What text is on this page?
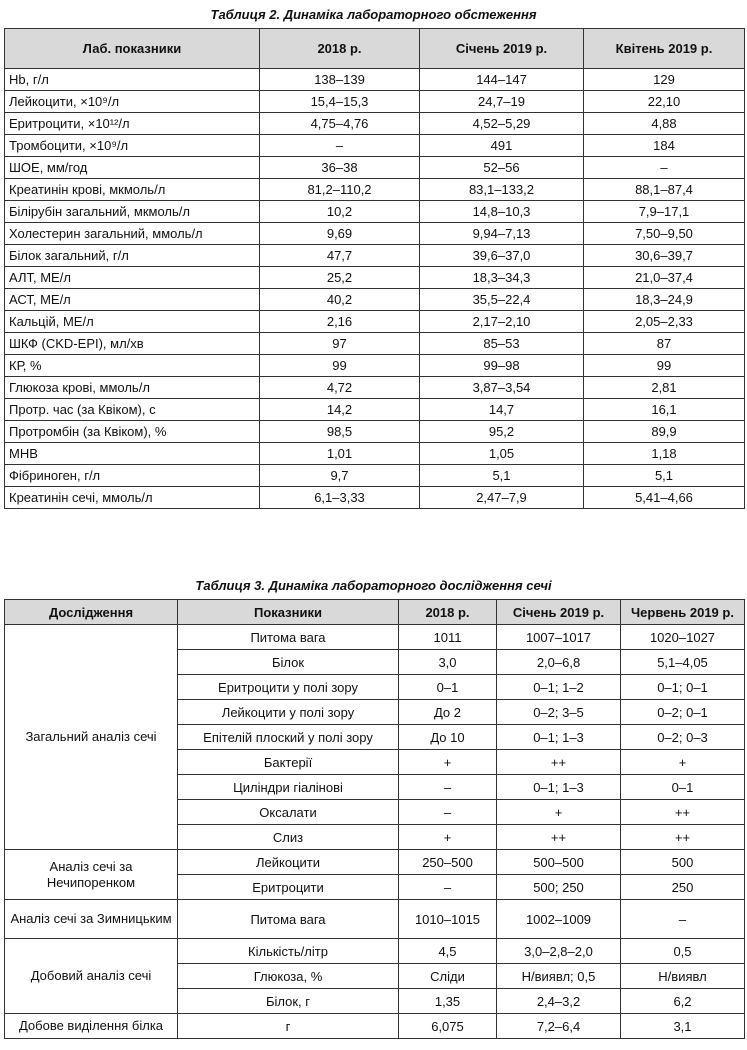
Таблиця 2. Динаміка лабораторного обстеження
Лаб. показники	2018 р.	Січень 2019 р.	Квітень 2019 р.
Hb, г/л	138–139	144–147	129
Лейкоцити, ×10⁹/л	15,4–15,3	24,7–19	22,10
Еритроцити, ×10¹²/л	4,75–4,76	4,52–5,29	4,88
Тромбоцити, ×10⁹/л	–	491	184
ШОЕ, мм/год	36–38	52–56	–
Креатинін крові, мкмоль/л	81,2–110,2	83,1–133,2	88,1–87,4
Білірубін загальний, мкмоль/л	10,2	14,8–10,3	7,9–17,1
Холестерин загальний, ммоль/л	9,69	9,94–7,13	7,50–9,50
Білок загальний, г/л	47,7	39,6–37,0	30,6–39,7
АЛТ, МЕ/л	25,2	18,3–34,3	21,0–37,4
АСТ, МЕ/л	40,2	35,5–22,4	18,3–24,9
Кальцій, МЕ/л	2,16	2,17–2,10	2,05–2,33
ШКФ (CKD-EPI), мл/хв	97	85–53	87
КР, %	99	99–98	99
Глюкоза крові, ммоль/л	4,72	3,87–3,54	2,81
Протр. час (за Квіком), с	14,2	14,7	16,1
Протромбін (за Квіком), %	98,5	95,2	89,9
МНВ	1,01	1,05	1,18
Фібриноген, г/л	9,7	5,1	5,1
Креатинін сечі, ммоль/л	6,1–3,33	2,47–7,9	5,41–4,66
Таблиця 3. Динаміка лабораторного дослідження сечі
Дослідження	Показники	2018 р.	Січень 2019 р.	Червень 2019 р.
Загальний аналіз сечі	Питома вага	1011	1007–1017	1020–1027
	Білок	3,0	2,0–6,8	5,1–4,05
	Еритроцити у полі зору	0–1	0–1; 1–2	0–1; 0–1
	Лейкоцити у полі зору	До 2	0–2; 3–5	0–2; 0–1
	Епітелій плоский у полі зору	До 10	0–1; 1–3	0–2; 0–3
	Бактерії	+	++	+
	Циліндри гіалінові	–	0–1; 1–3	0–1
	Оксалати	–	+	++
	Слиз	+	++	++
Аналіз сечі за Нечипоренком	Лейкоцити	250–500	500–500	500
	Еритроцити	–	500; 250	250
Аналіз сечі за Зимницьким	Питома вага	1010–1015	1002–1009	–
Добовий аналіз сечі	Кількість/літр	4,5	3,0–2,8–2,0	0,5
	Глюкоза, %	Сліди	Н/виявл; 0,5	Н/виявл
	Білок, г	1,35	2,4–3,2	6,2
Добове виділення білка	г	6,075	7,2–6,4	3,1
